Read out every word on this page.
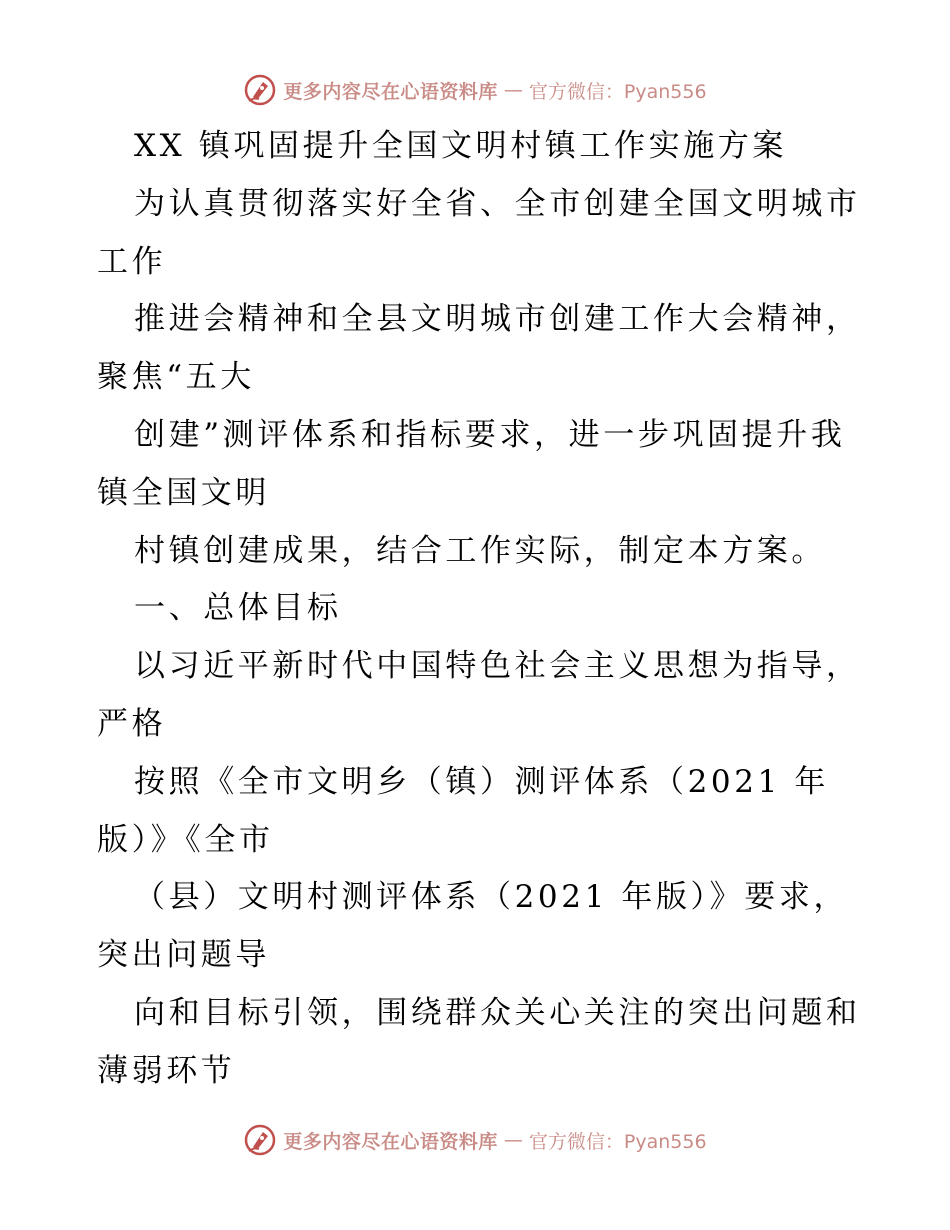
更多内容尽在心语资料库 — 官方微信：Pyan556
XX 镇巩固提升全国文明村镇工作实施方案
为认真贯彻落实好全省、全市创建全国文明城市
工作
推进会精神和全县文明城市创建工作大会精神，
聚焦“五大
创建”测评体系和指标要求，进一步巩固提升我
镇全国文明
村镇创建成果，结合工作实际，制定本方案。
一、总体目标
以习近平新时代中国特色社会主义思想为指导，
严格
按照《全市文明乡（镇）测评体系（2021 年
版）》《全市
（县）文明村测评体系（2021 年版）》要求，
突出问题导
向和目标引领，围绕群众关心关注的突出问题和
薄弱环节
更多内容尽在心语资料库 — 官方微信：Pyan556
